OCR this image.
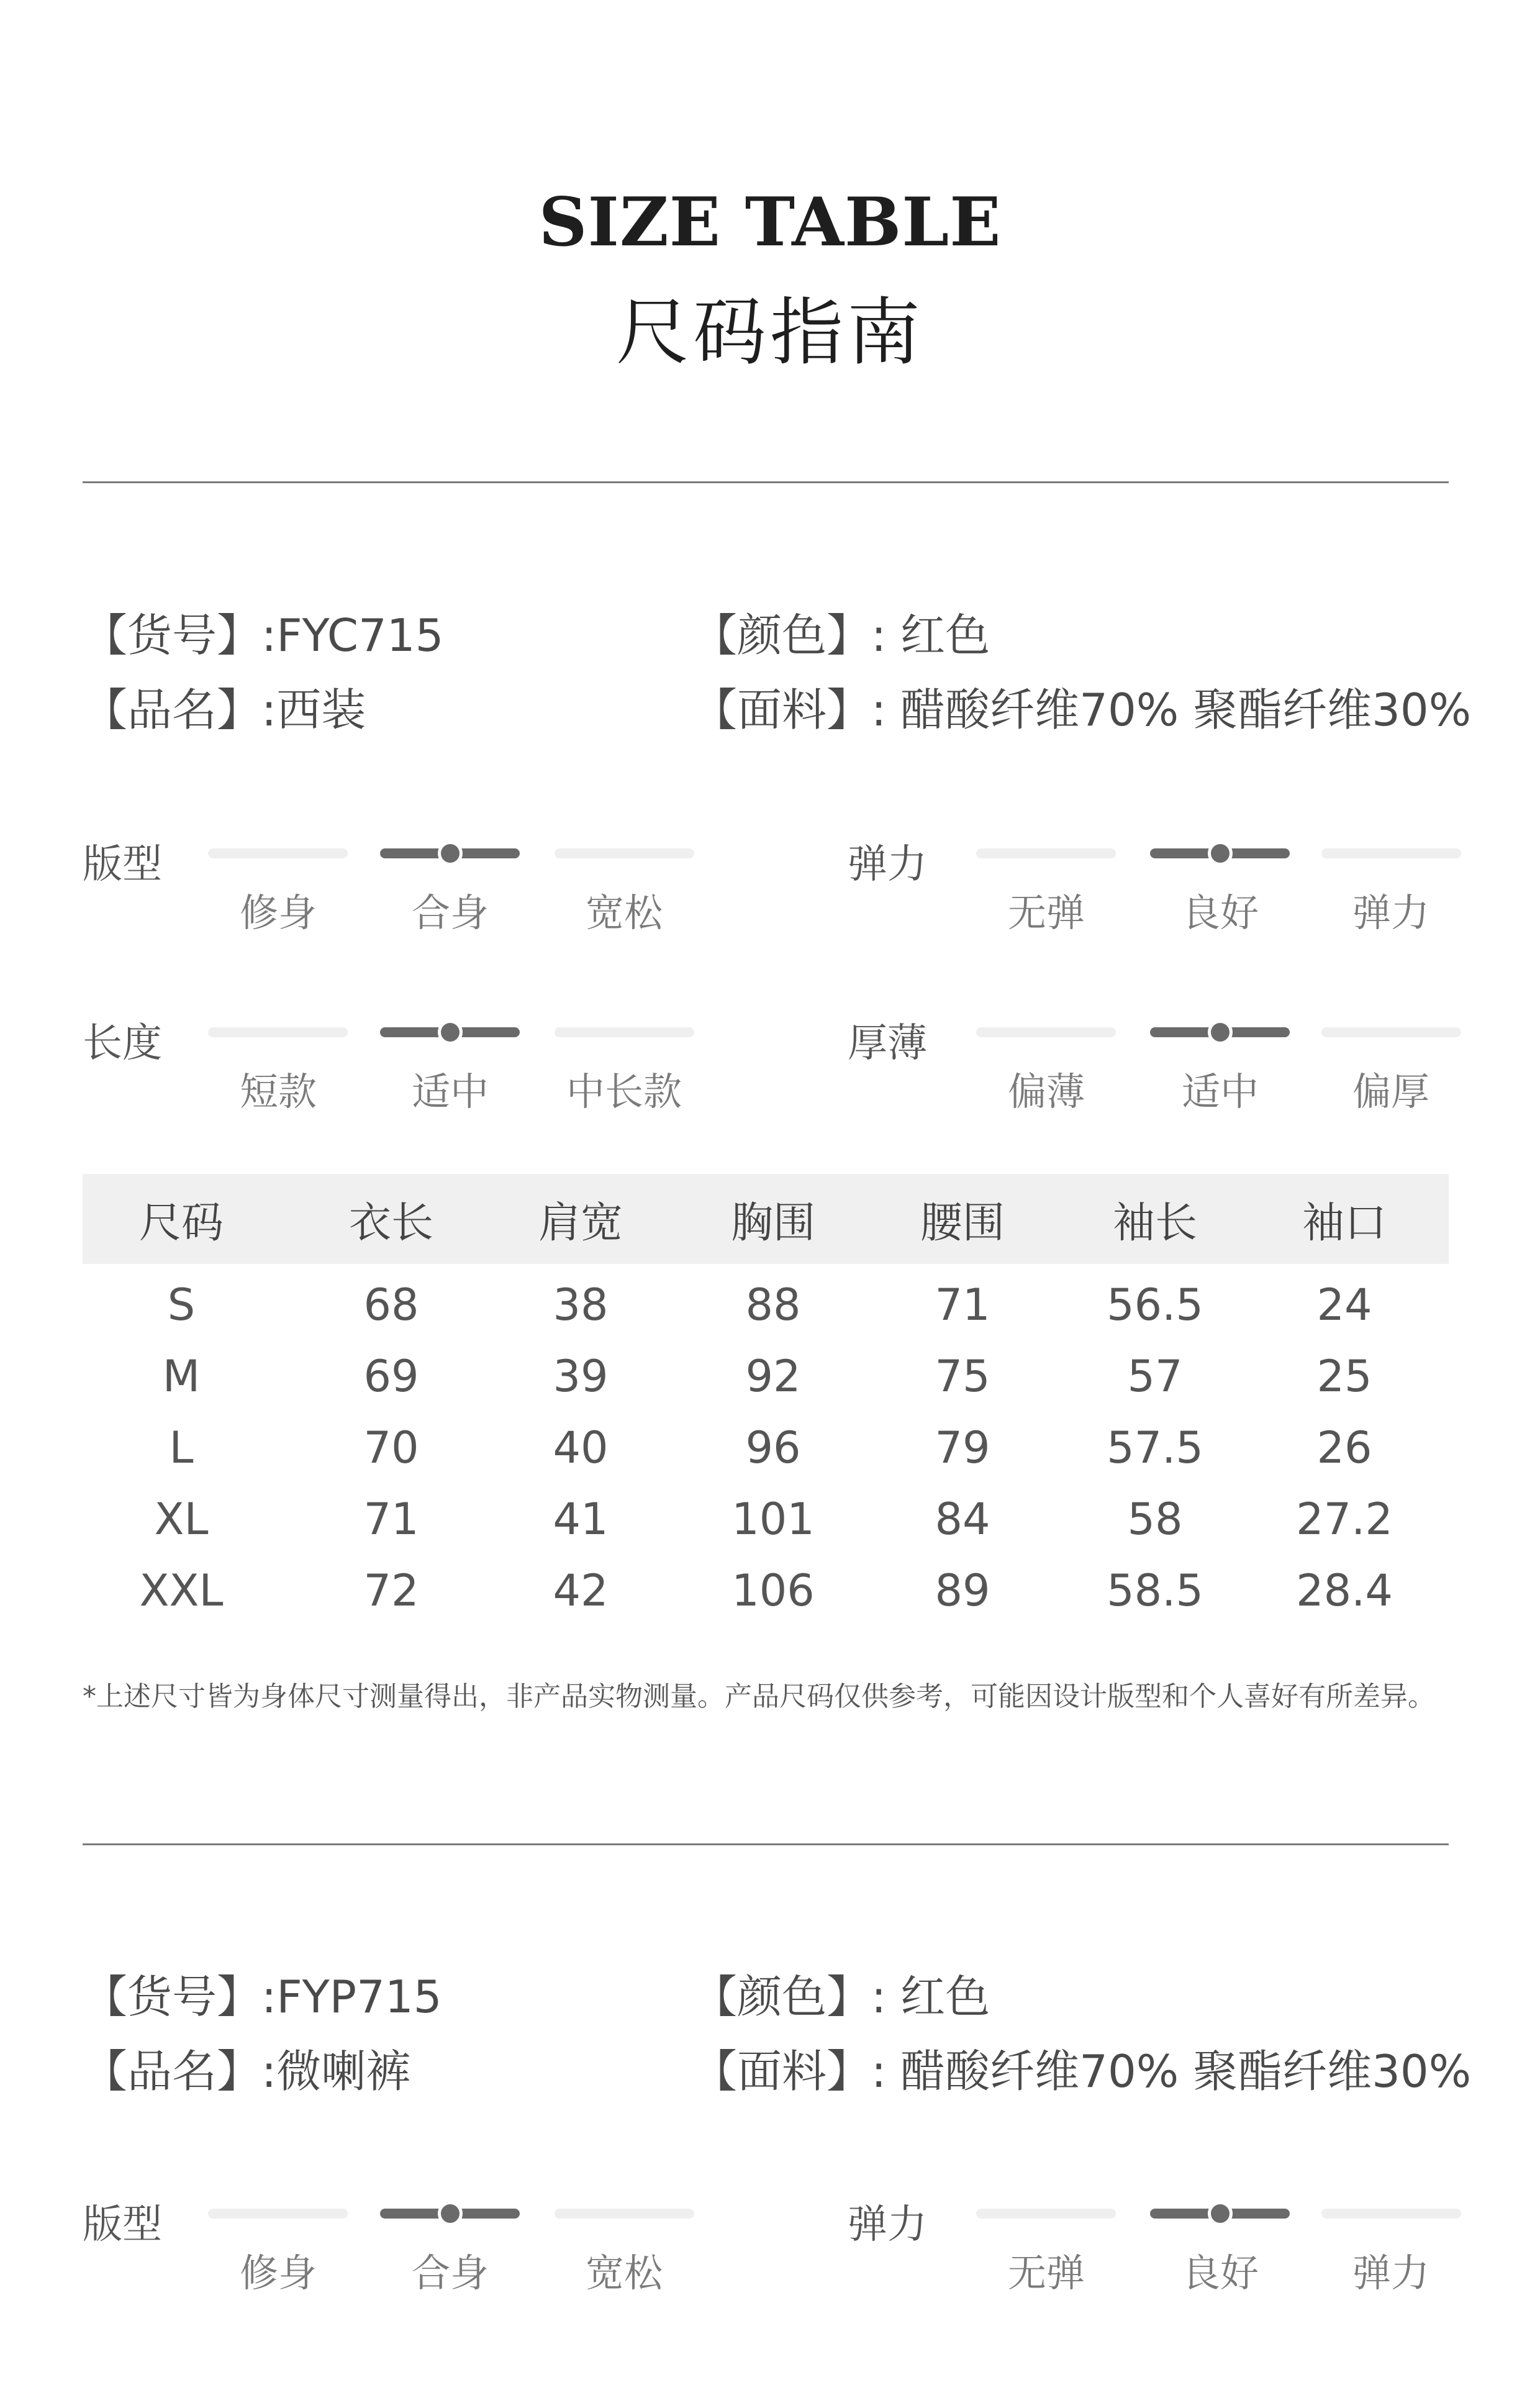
SIZE TABLE
尺码指南
【货号】:FYC715
【品名】:西装
【颜色】: 红色
【面料】: 醋酸纤维70% 聚酯纤维30%
版型
修身	合身	宽松
弹力
无弹	良好	弹力
长度
短款	适中	中长款
厚薄
偏薄	适中	偏厚
尺码	衣长	肩宽	胸围	腰围	袖长	袖口
S	68	38	88	71	56.5	24
M	69	39	92	75	57	25
L	70	40	96	79	57.5	26
XL	71	41	101	84	58	27.2
XXL	72	42	106	89	58.5	28.4
*上述尺寸皆为身体尺寸测量得出，非产品实物测量。产品尺码仅供参考，可能因设计版型和个人喜好有所差异。
【货号】:FYP715
【品名】:微喇裤
【颜色】: 红色
【面料】: 醋酸纤维70% 聚酯纤维30%
版型
修身	合身	宽松
弹力
无弹	良好	弹力
